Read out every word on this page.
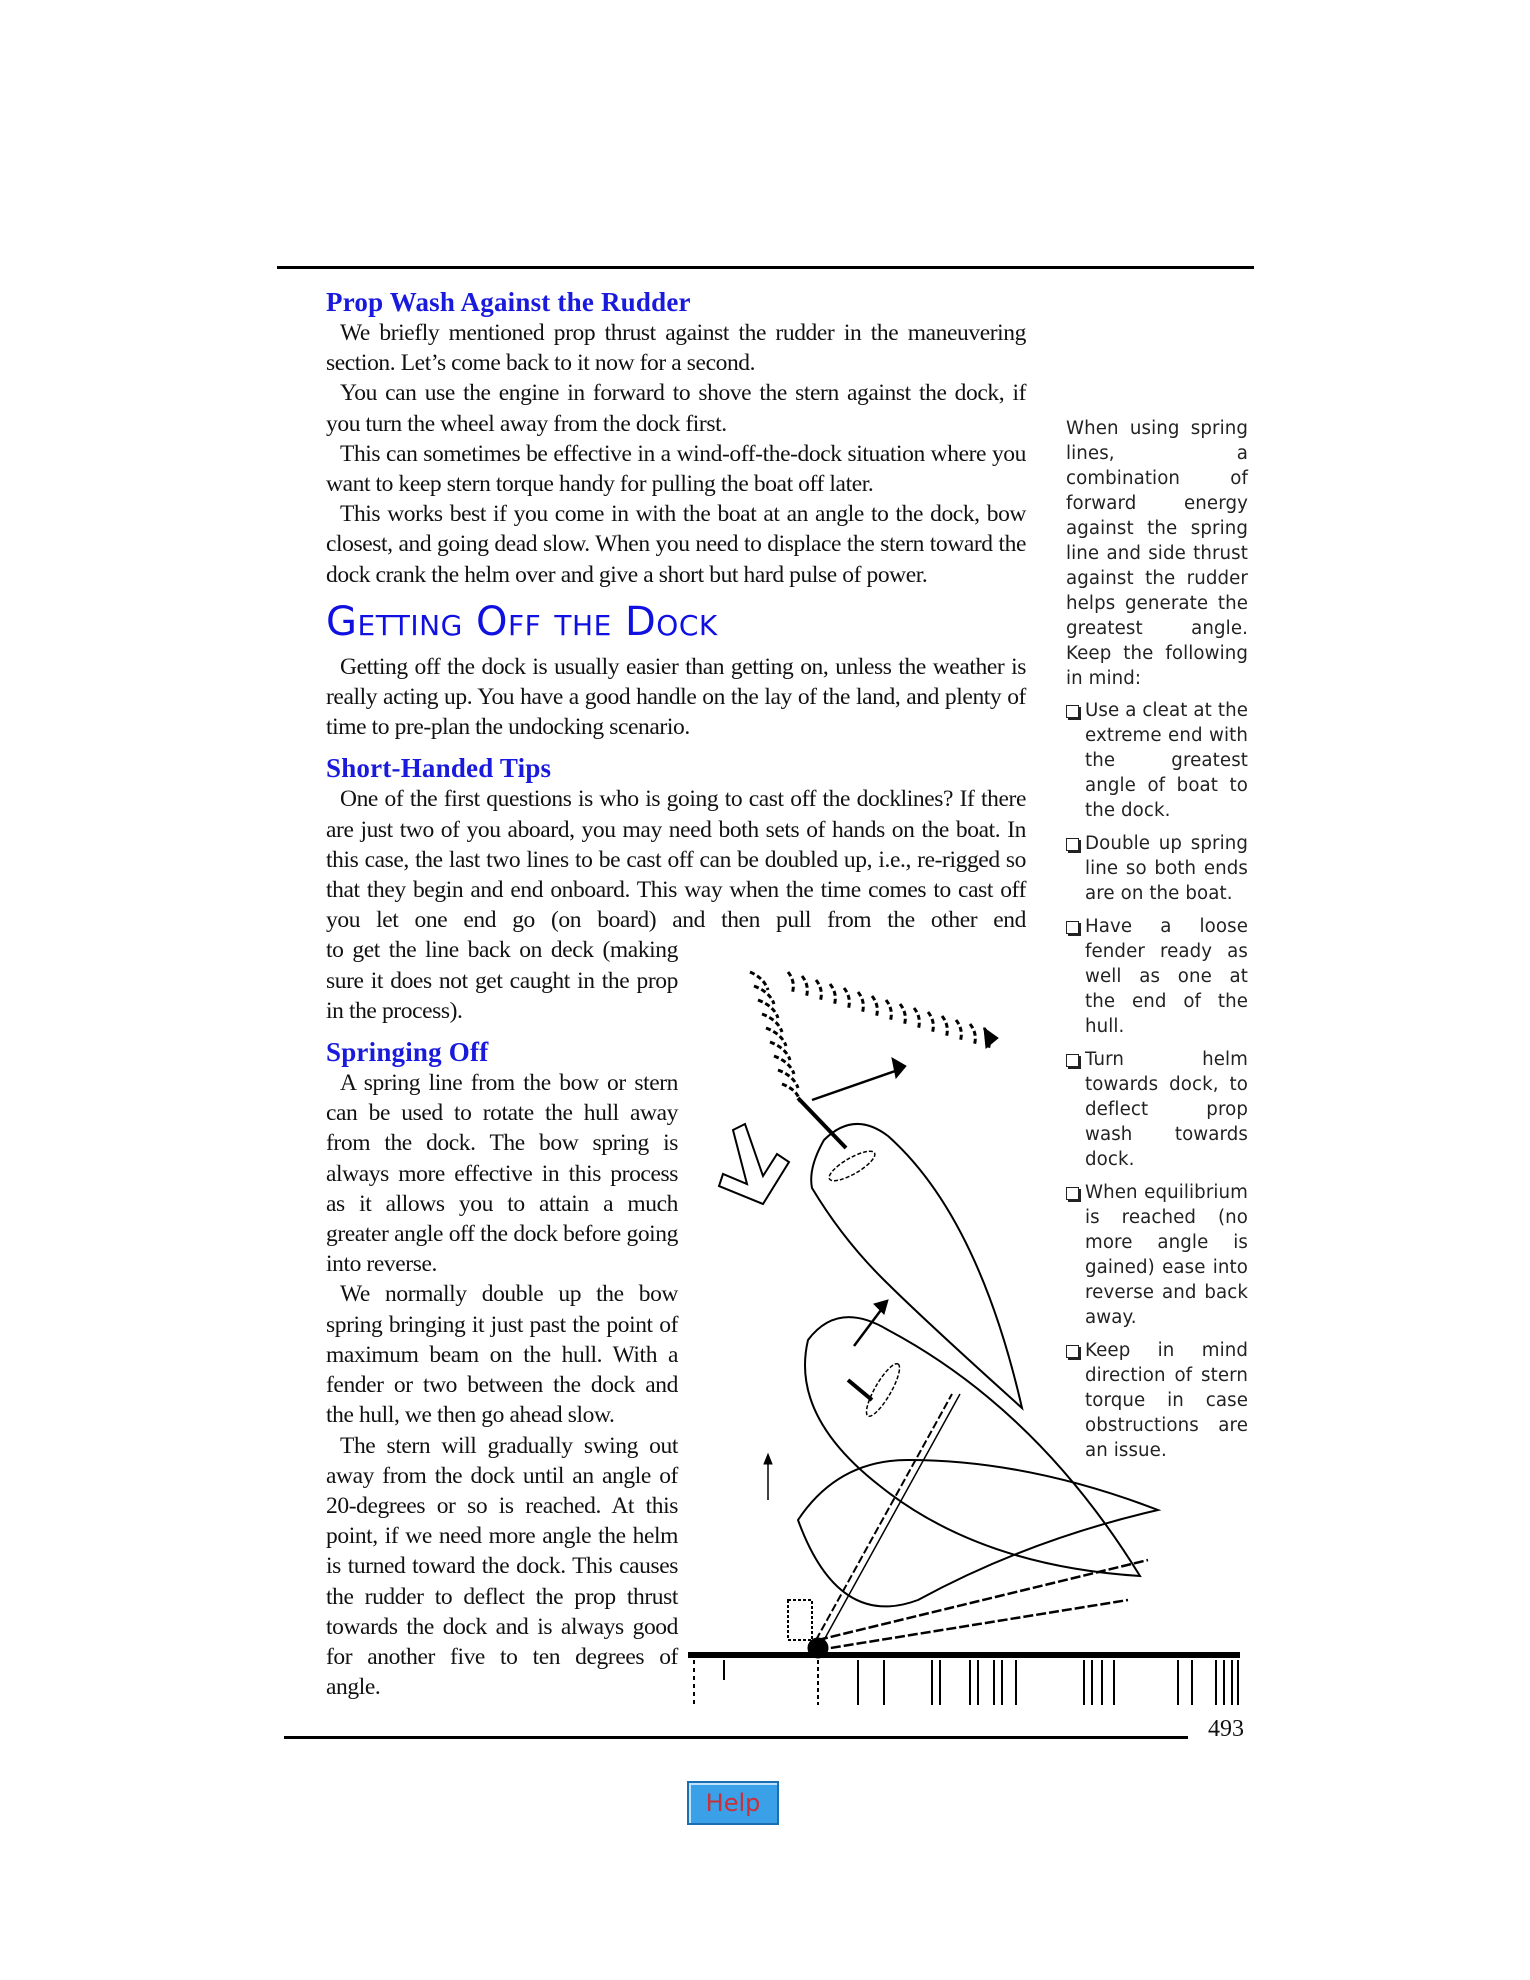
Prop Wash Against the Rudder

We briefly mentioned prop thrust against the rudder in the maneuvering section. Let’s come back to it now for a second.

You can use the engine in forward to shove the stern against the dock, if you turn the wheel away from the dock first.

This can sometimes be effective in a wind-off-the-dock situation where you want to keep stern torque handy for pulling the boat off later.

This works best if you come in with the boat at an angle to the dock, bow closest, and going dead slow. When you need to displace the stern toward the dock crank the helm over and give a short but hard pulse of power.

Getting Off the Dock

Getting off the dock is usually easier than getting on, unless the weather is really acting up. You have a good handle on the lay of the land, and plenty of time to pre-plan the undocking scenario.

Short-Handed Tips

One of the first questions is who is going to cast off the docklines? If there are just two of you aboard, you may need both sets of hands on the boat. In this case, the last two lines to be cast off can be doubled up, i.e., re-rigged so that they begin and end onboard. This way when the time comes to cast off you let one end go (on board) and then pull from the other end

to get the line back on deck (making sure it does not get caught in the prop in the process).

Springing Off

A spring line from the bow or stern can be used to rotate the hull away from the dock. The bow spring is always more effective in this process as it allows you to attain a much greater angle off the dock before going into reverse.

We normally double up the bow spring bringing it just past the point of maximum beam on the hull. With a fender or two between the dock and the hull, we then go ahead slow.

The stern will gradually swing out away from the dock until an angle of 20-degrees or so is reached. At this point, if we need more angle the helm is turned toward the dock. This causes the rudder to deflect the prop thrust towards the dock and is always good for another five to ten degrees of angle.

When using spring lines, a combination of forward energy against the spring line and side thrust against the rudder helps generate the greatest angle. Keep the following in mind:

Use a cleat at the extreme end with the greatest angle of boat to the dock.
Double up spring line so both ends are on the boat.
Have a loose fender ready as well as one at the end of the hull.
Turn helm towards dock, to deflect prop wash towards dock.
When equilibrium is reached (no more angle is gained) ease into reverse and back away.
Keep in mind direction of stern torque in case obstructions are an issue.
493
Help
